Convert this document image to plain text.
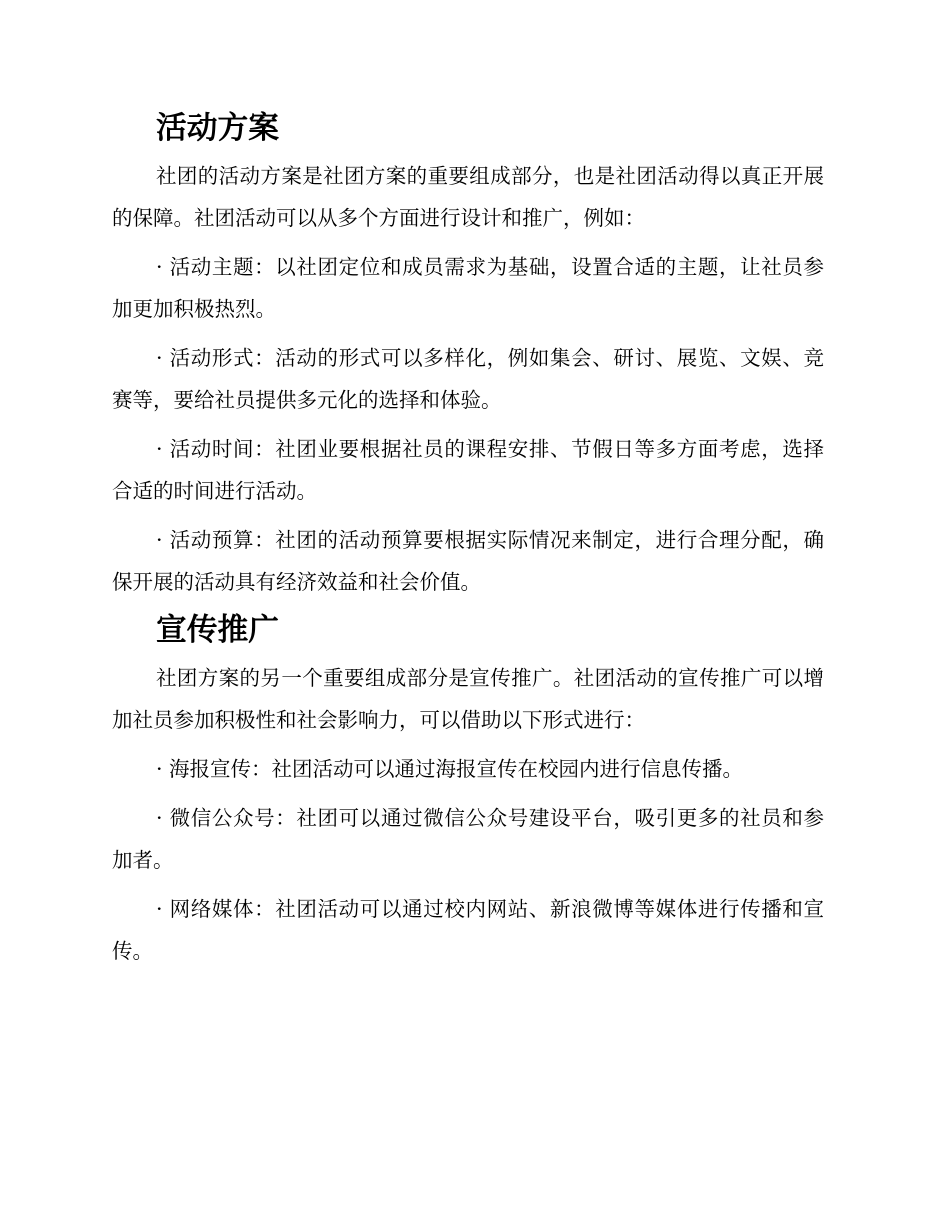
活动方案

社团的活动方案是社团方案的重要组成部分，也是社团活动得以真正开展的保障。社团活动可以从多个方面进行设计和推广，例如：

· 活动主题：以社团定位和成员需求为基础，设置合适的主题，让社员参加更加积极热烈。

· 活动形式：活动的形式可以多样化，例如集会、研讨、展览、文娱、竞赛等，要给社员提供多元化的选择和体验。

· 活动时间：社团业要根据社员的课程安排、节假日等多方面考虑，选择合适的时间进行活动。

· 活动预算：社团的活动预算要根据实际情况来制定，进行合理分配，确保开展的活动具有经济效益和社会价值。

宣传推广

社团方案的另一个重要组成部分是宣传推广。社团活动的宣传推广可以增加社员参加积极性和社会影响力，可以借助以下形式进行：

· 海报宣传：社团活动可以通过海报宣传在校园内进行信息传播。

· 微信公众号：社团可以通过微信公众号建设平台，吸引更多的社员和参加者。

· 网络媒体：社团活动可以通过校内网站、新浪微博等媒体进行传播和宣传。
